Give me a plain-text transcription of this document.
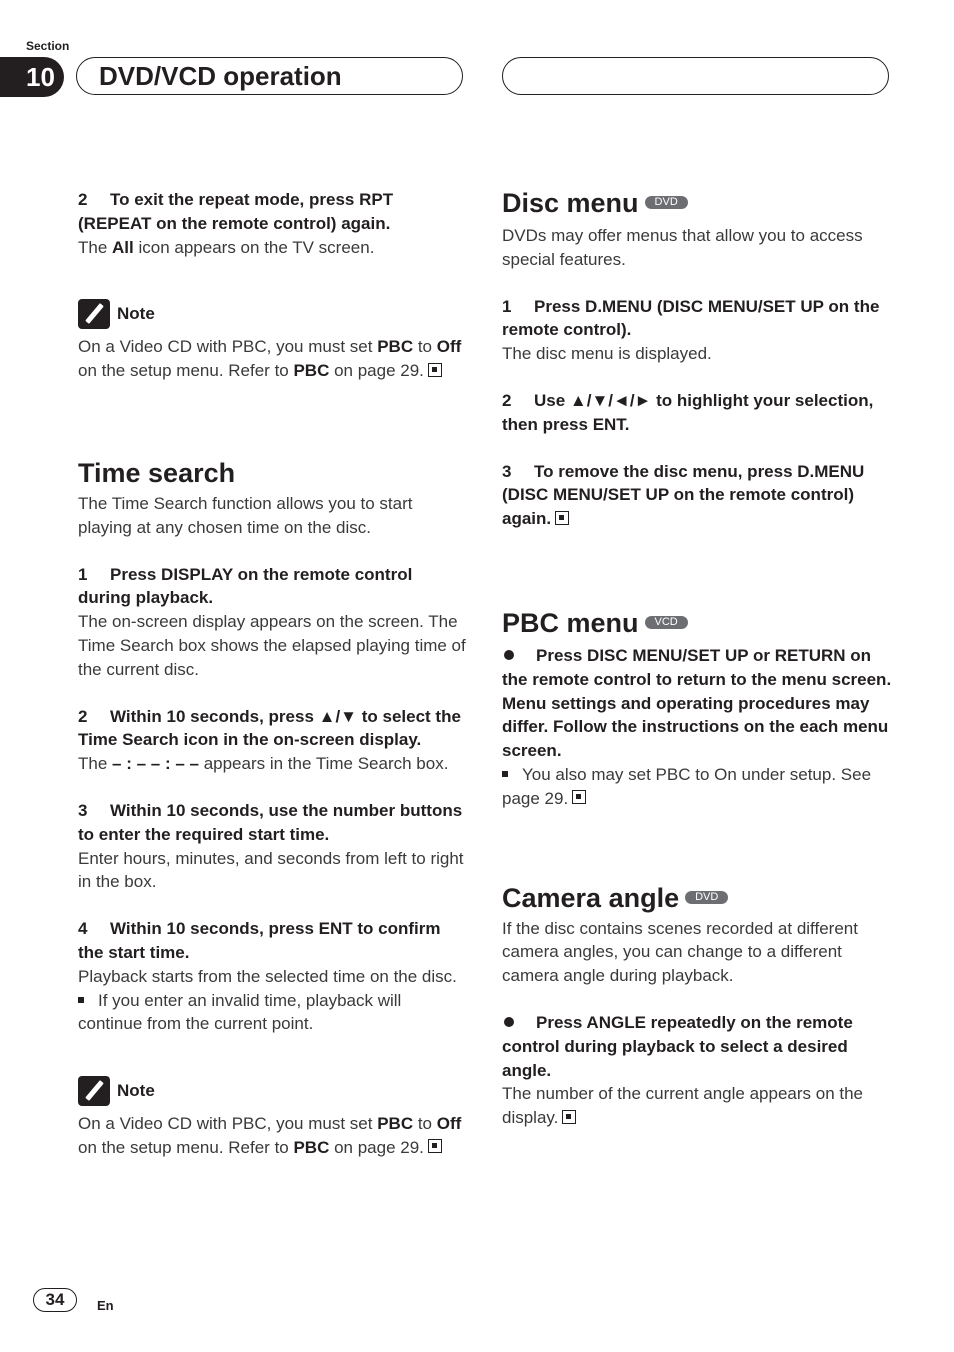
Section
10	DVD/VCD operation

2 To exit the repeat mode, press RPT (REPEAT on the remote control) again.

The All icon appears on the TV screen.

Note

On a Video CD with PBC, you must set PBC to Off on the setup menu. Refer to PBC on page 29.

Time search

The Time Search function allows you to start playing at any chosen time on the disc.

1 Press DISPLAY on the remote control during playback.

The on-screen display appears on the screen. The Time Search box shows the elapsed playing time of the current disc.

2 Within 10 seconds, press ▲/▼ to select the Time Search icon in the on-screen display.

The – : – – : – – appears in the Time Search box.

3 Within 10 seconds, use the number buttons to enter the required start time.

Enter hours, minutes, and seconds from left to right in the box.

4 Within 10 seconds, press ENT to confirm the start time.

Playback starts from the selected time on the disc.

If you enter an invalid time, playback will continue from the current point.

Note

On a Video CD with PBC, you must set PBC to Off on the setup menu. Refer to PBC on page 29.

Disc menu DVD

DVDs may offer menus that allow you to access special features.

1 Press D.MENU (DISC MENU/SET UP on the remote control).

The disc menu is displayed.

2 Use ▲/▼/◄/► to highlight your selection, then press ENT.

3 To remove the disc menu, press D.MENU (DISC MENU/SET UP on the remote control) again.

PBC menu VCD

Press DISC MENU/SET UP or RETURN on the remote control to return to the menu screen. Menu settings and operating procedures may differ. Follow the instructions on the each menu screen.

You also may set PBC to On under setup. See page 29.

Camera angle DVD

If the disc contains scenes recorded at different camera angles, you can change to a different camera angle during playback.

Press ANGLE repeatedly on the remote control during playback to select a desired angle.

The number of the current angle appears on the display.

34	En
